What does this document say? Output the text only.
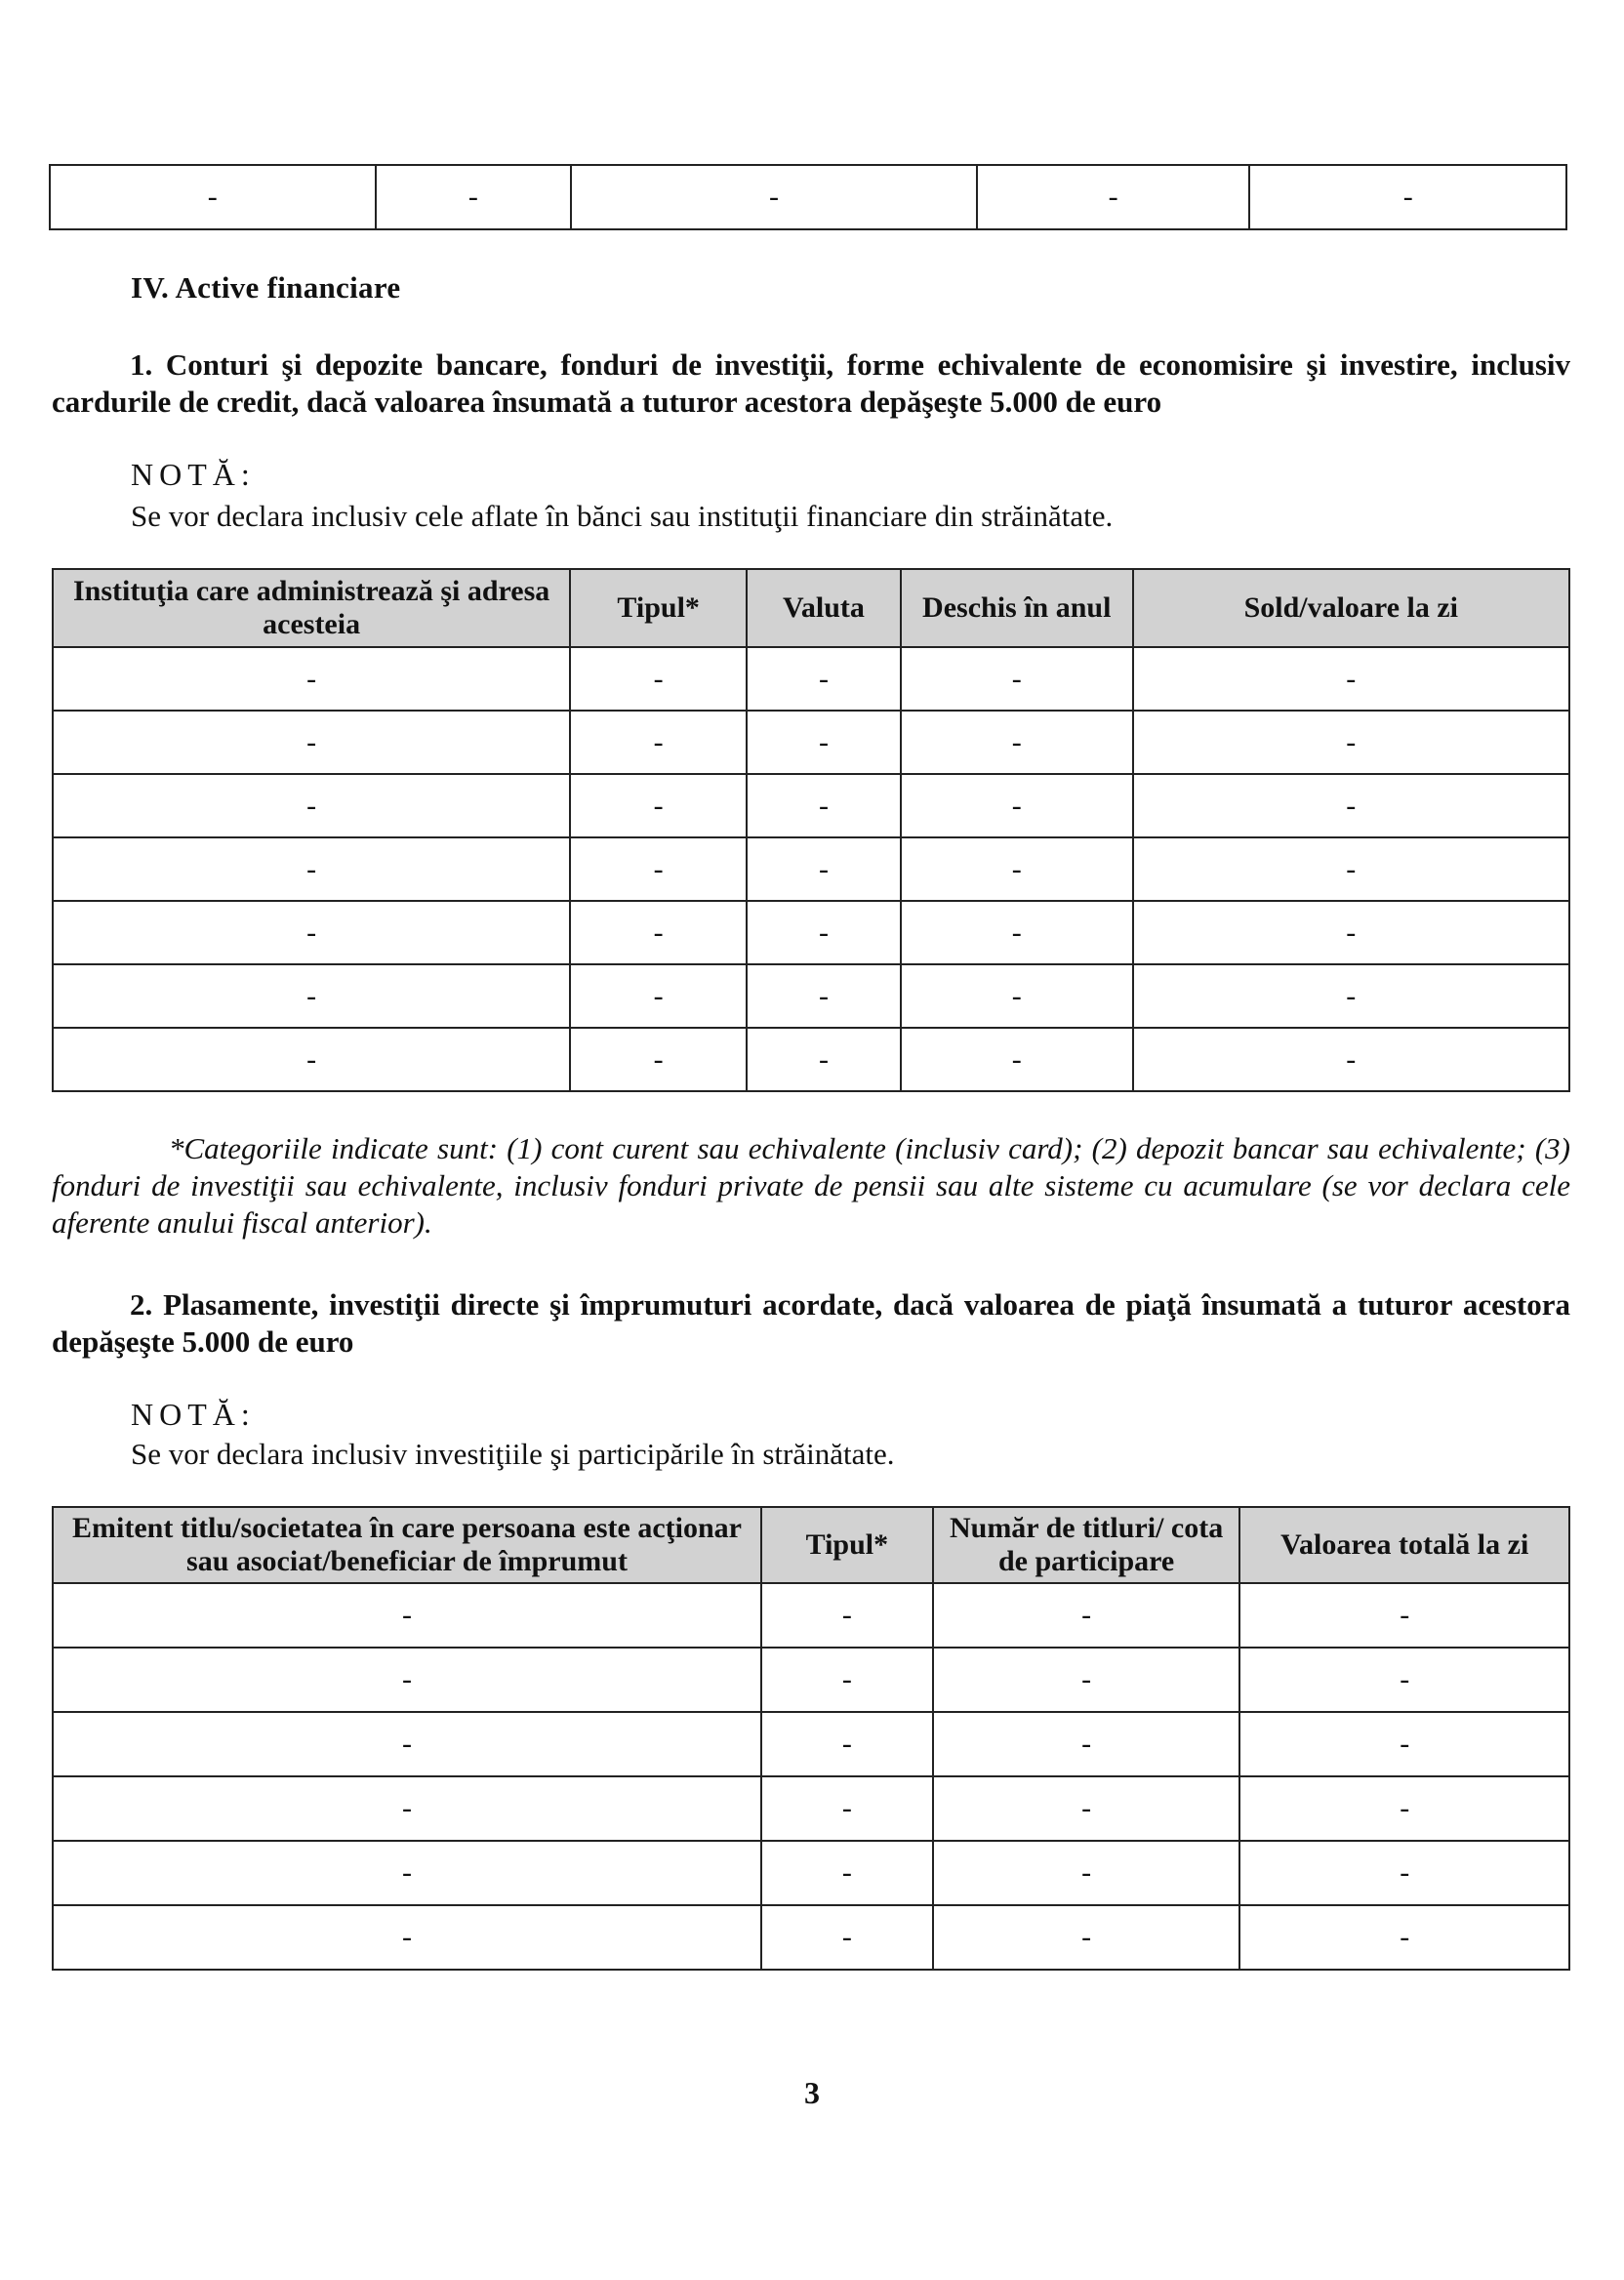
-	-	-	-	-
IV. Active financiare
1. Conturi şi depozite bancare, fonduri de investiţii, forme echivalente de economisire şi investire, inclusiv cardurile de credit, dacă valoarea însumată a tuturor acestora depăşeşte 5.000 de euro
NOTĂ:
Se vor declara inclusiv cele aflate în bănci sau instituţii financiare din străinătate.
Instituţia care administrează şi adresa acesteia	Tipul*	Valuta	Deschis în anul	Sold/valoare la zi
-	-	-	-	-
-	-	-	-	-
-	-	-	-	-
-	-	-	-	-
-	-	-	-	-
-	-	-	-	-
-	-	-	-	-
*Categoriile indicate sunt: (1) cont curent sau echivalente (inclusiv card); (2) depozit bancar sau echivalente; (3) fonduri de investiţii sau echivalente, inclusiv fonduri private de pensii sau alte sisteme cu acumulare (se vor declara cele aferente anului fiscal anterior).
2. Plasamente, investiţii directe şi împrumuturi acordate, dacă valoarea de piaţă însumată a tuturor acestora depăşeşte 5.000 de euro
NOTĂ:
Se vor declara inclusiv investiţiile şi participările în străinătate.
Emitent titlu/societatea în care persoana este acţionar sau asociat/beneficiar de împrumut	Tipul*	Număr de titluri/ cota de participare	Valoarea totală la zi
-	-	-	-
-	-	-	-
-	-	-	-
-	-	-	-
-	-	-	-
-	-	-	-
3
